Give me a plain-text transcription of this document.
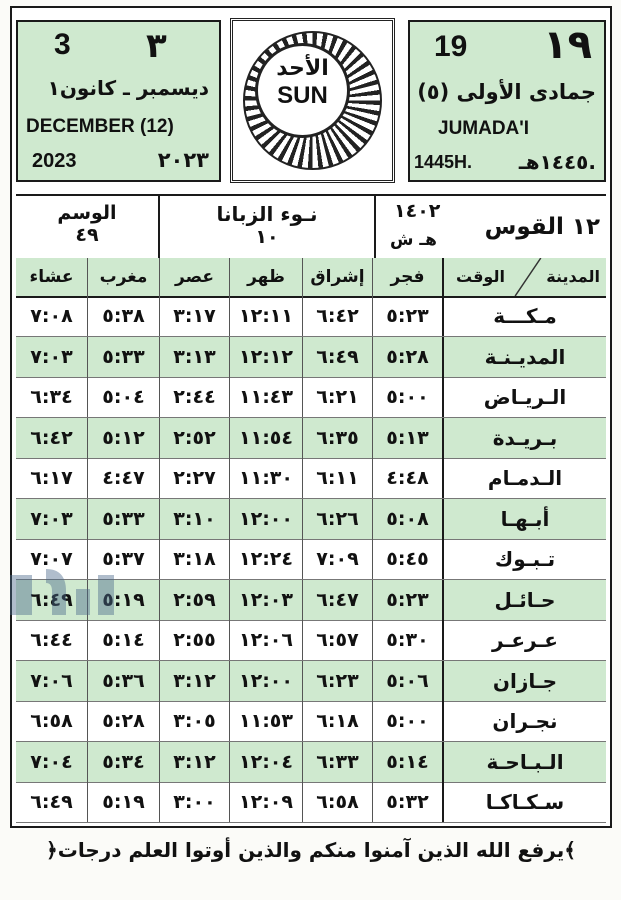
٣
3
ديسمبر ـ كانون١
DECEMBER (12)
٢٠٢٣
2023
الأحد
SUN
١٩
19
جمادى الأولى (٥)
JUMADA'I
١٤٤٥هـ.
1445H.
الوسم
٤٩
نـوء الزبانا
١٠
١٤٠٢
هـ ش ١٢ القوس
عشاء	مغرب	عصر	ظهر	إشراق	فجر	المدينة
الوقت
٧:٠٨	٥:٣٨	٣:١٧	١٢:١١	٦:٤٢	٥:٢٣	مـكـــة
٧:٠٣	٥:٣٣	٣:١٣	١٢:١٢	٦:٤٩	٥:٢٨	المديـنـة
٦:٣٤	٥:٠٤	٢:٤٤	١١:٤٣	٦:٢١	٥:٠٠	الـريـاض
٦:٤٢	٥:١٢	٢:٥٢	١١:٥٤	٦:٣٥	٥:١٣	بـريـدة
٦:١٧	٤:٤٧	٢:٢٧	١١:٣٠	٦:١١	٤:٤٨	الـدمـام
٧:٠٣	٥:٣٣	٣:١٠	١٢:٠٠	٦:٢٦	٥:٠٨	أبـهـا
٧:٠٧	٥:٣٧	٣:١٨	١٢:٢٤	٧:٠٩	٥:٤٥	تـبـوك
٦:٤٩	٥:١٩	٢:٥٩	١٢:٠٣	٦:٤٧	٥:٢٣	حـائـل
٦:٤٤	٥:١٤	٢:٥٥	١٢:٠٦	٦:٥٧	٥:٣٠	عـرعـر
٧:٠٦	٥:٣٦	٣:١٢	١٢:٠٠	٦:٢٣	٥:٠٦	جـازان
٦:٥٨	٥:٢٨	٣:٠٥	١١:٥٣	٦:١٨	٥:٠٠	نجـران
٧:٠٤	٥:٣٤	٣:١٢	١٢:٠٤	٦:٣٣	٥:١٤	الـبـاحـة
٦:٤٩	٥:١٩	٣:٠٠	١٢:٠٩	٦:٥٨	٥:٣٢	سـكـاكـا
﴿يرفع الله الذين آمنوا منكم والذين أوتوا العلم درجات﴾
